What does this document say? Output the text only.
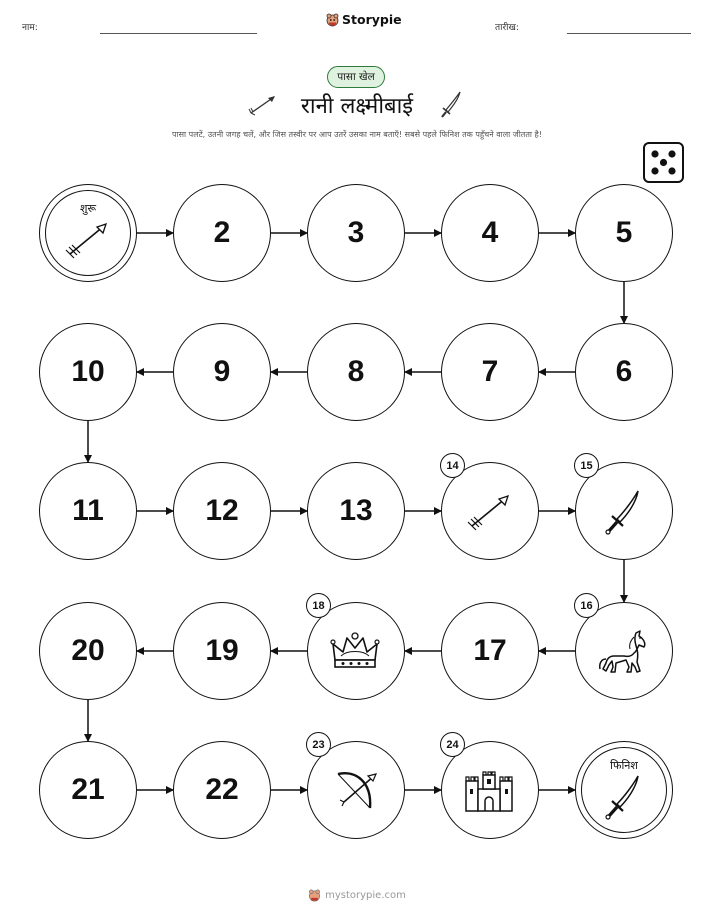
नाम:
Storypie
तारीख:
पासा खेल
रानी लक्ष्मीबाई
पासा पलटें, उतनी जगह चलें, और जिस तस्वीर पर आप उतरें उसका नाम बताएँ! सबसे पहले फिनिश तक पहुँचने वाला जीतता है!
शुरू
2	3	4	5
6
7
8
9
10
11	12	13
14	15
16
17
18
19
20
21	22
23	24
फिनिश
mystorypie.com
